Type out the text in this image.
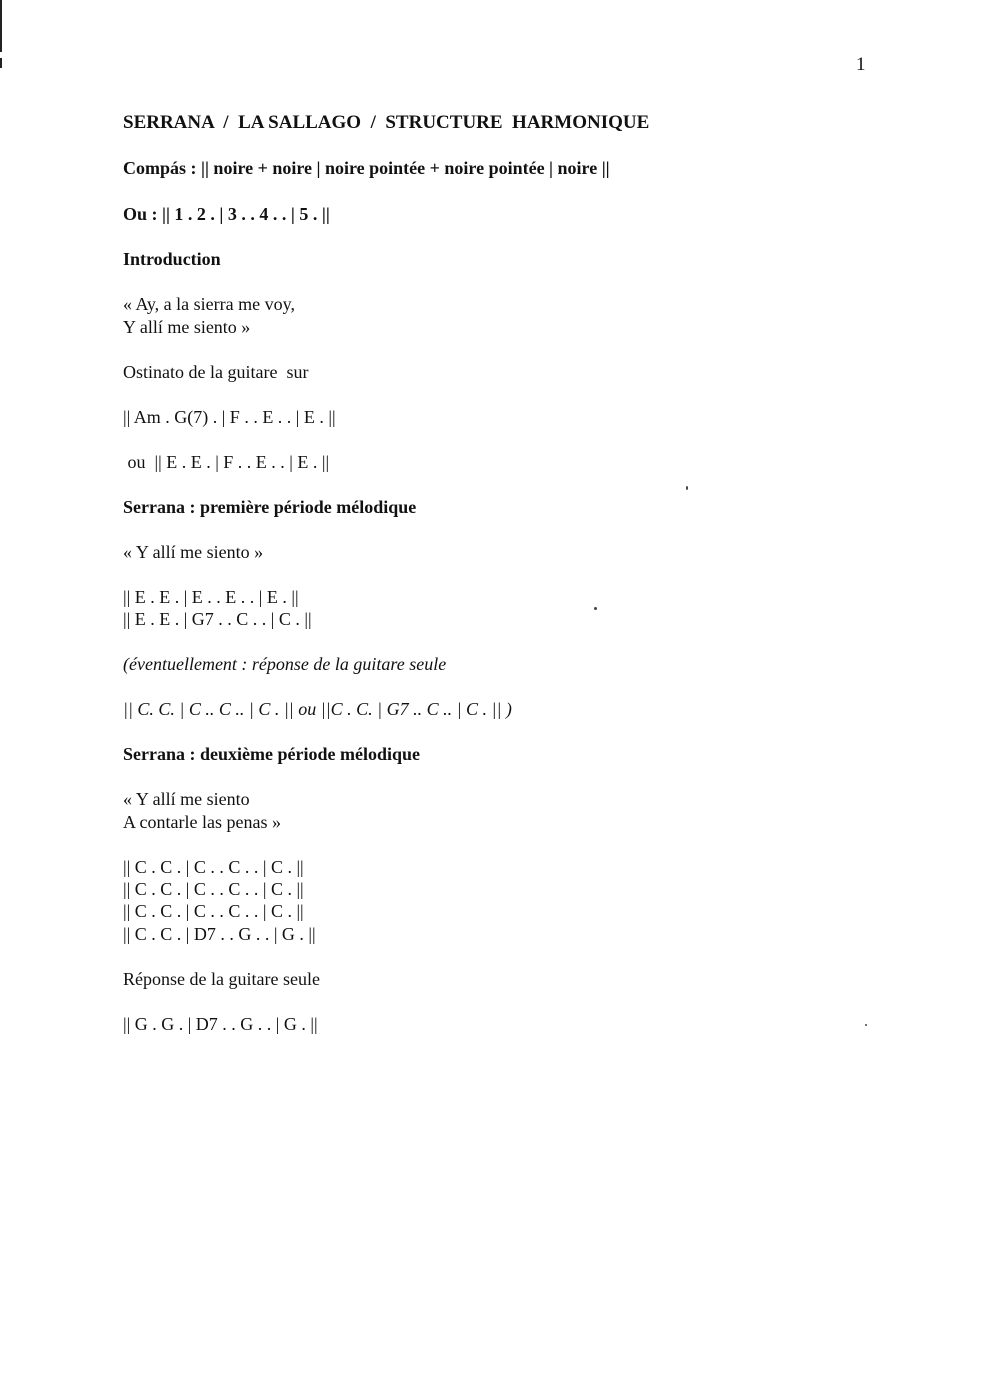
1
SERRANA  /  LA SALLAGO  /  STRUCTURE  HARMONIQUE
Compás : || noire + noire | noire pointée + noire pointée | noire ||
Ou : || 1 . 2 . | 3 . . 4 . . | 5 . ||
Introduction
« Ay, a la sierra me voy,
Y allí me siento »
Ostinato de la guitare  sur
|| Am . G(7) . | F . . E . . | E . ||
ou  || E . E . | F . . E . . | E . ||
Serrana : première période mélodique
« Y allí me siento »
|| E . E . | E . . E . . | E . ||
|| E . E . | G7 . . C . . | C . ||
(éventuellement : réponse de la guitare seule
|| C. C. | C .. C .. | C . || ou ||C . C. | G7 .. C .. | C . || )
Serrana : deuxième période mélodique
« Y allí me siento
A contarle las penas »
|| C . C . | C . . C . . | C . ||
|| C . C . | C . . C . . | C . ||
|| C . C . | C . . C . . | C . ||
|| C . C . | D7 . . G . . | G . ||
Réponse de la guitare seule
|| G . G . | D7 . . G . . | G . ||
